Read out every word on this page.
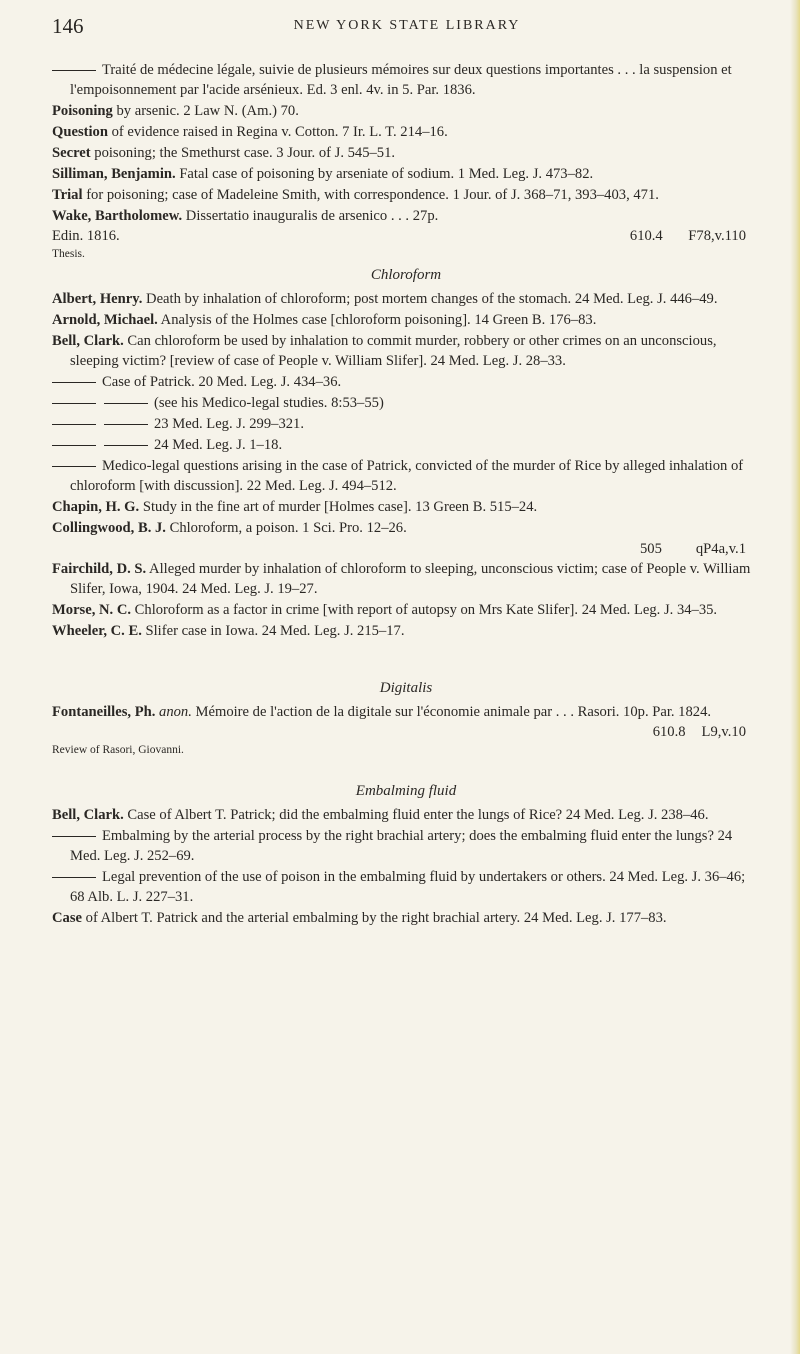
146	NEW YORK STATE LIBRARY
Traité de médecine légale, suivie de plusieurs mémoires sur deux questions importantes . . . la suspension et l'empoisonnement par l'acide arsénieux. Ed. 3 enl. 4v. in 5. Par. 1836.
Poisoning by arsenic. 2 Law N. (Am.) 70.
Question of evidence raised in Regina v. Cotton. 7 Ir. L. T. 214–16.
Secret poisoning; the Smethurst case. 3 Jour. of J. 545–51.
Silliman, Benjamin. Fatal case of poisoning by arseniate of sodium. 1 Med. Leg. J. 473–82.
Trial for poisoning; case of Madeleine Smith, with correspondence. 1 Jour. of J. 368–71, 393–403, 471.
Wake, Bartholomew. Dissertatio inauguralis de arsenico . . . 27p.
Edin. 1816.	610.4 F78,v.110
Thesis.
Chloroform
Albert, Henry. Death by inhalation of chloroform; post mortem changes of the stomach. 24 Med. Leg. J. 446–49.
Arnold, Michael. Analysis of the Holmes case [chloroform poisoning]. 14 Green B. 176–83.
Bell, Clark. Can chloroform be used by inhalation to commit murder, robbery or other crimes on an unconscious, sleeping victim? [review of case of People v. William Slifer]. 24 Med. Leg. J. 28–33.
Case of Patrick. 20 Med. Leg. J. 434–36.
(see his Medico-legal studies. 8:53–55)
23 Med. Leg. J. 299–321.
24 Med. Leg. J. 1–18.
Medico-legal questions arising in the case of Patrick, convicted of the murder of Rice by alleged inhalation of chloroform [with discussion]. 22 Med. Leg. J. 494–512.
Chapin, H. G. Study in the fine art of murder [Holmes case]. 13 Green B. 515–24.
Collingwood, B. J. Chloroform, a poison. 1 Sci. Pro. 12–26.
505 qP4a,v.1
Fairchild, D. S. Alleged murder by inhalation of chloroform to sleeping, unconscious victim; case of People v. William Slifer, Iowa, 1904. 24 Med. Leg. J. 19–27.
Morse, N. C. Chloroform as a factor in crime [with report of autopsy on Mrs Kate Slifer]. 24 Med. Leg. J. 34–35.
Wheeler, C. E. Slifer case in Iowa. 24 Med. Leg. J. 215–17.
Digitalis
Fontaneilles, Ph. anon. Mémoire de l'action de la digitale sur l'économie animale par . . . Rasori. 10p. Par. 1824.
610.8 L9,v.10
Review of Rasori, Giovanni.
Embalming fluid
Bell, Clark. Case of Albert T. Patrick; did the embalming fluid enter the lungs of Rice? 24 Med. Leg. J. 238–46.
Embalming by the arterial process by the right brachial artery; does the embalming fluid enter the lungs? 24 Med. Leg. J. 252–69.
Legal prevention of the use of poison in the embalming fluid by undertakers or others. 24 Med. Leg. J. 36–46; 68 Alb. L. J. 227–31.
Case of Albert T. Patrick and the arterial embalming by the right brachial artery. 24 Med. Leg. J. 177–83.
